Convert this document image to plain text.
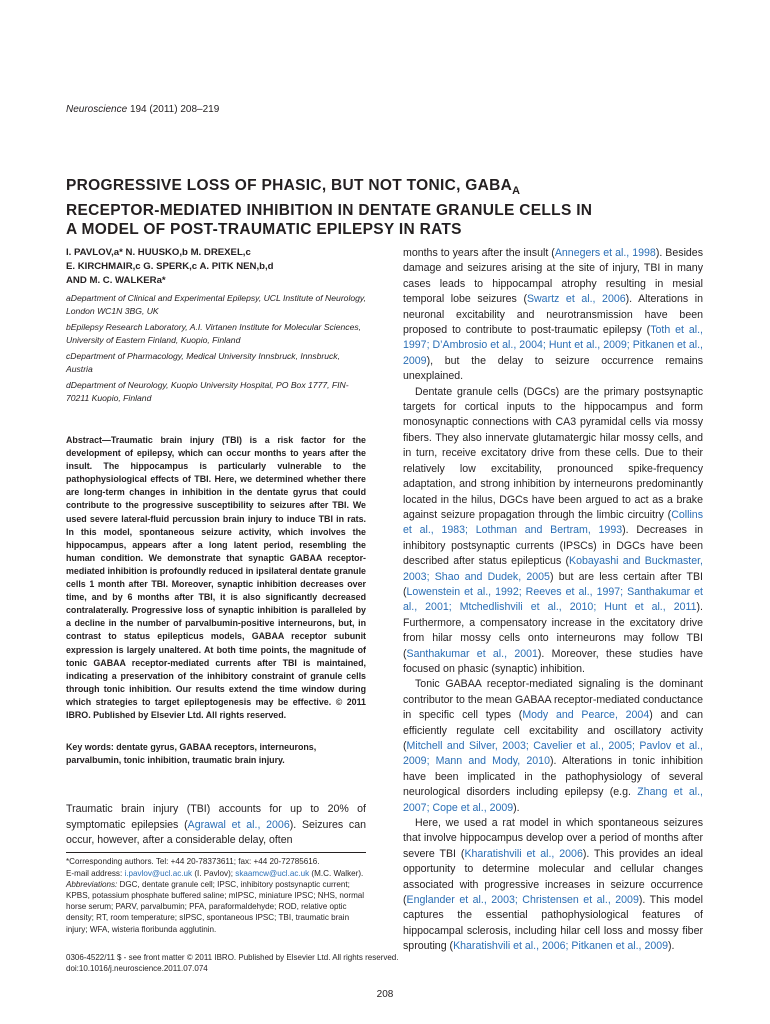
Neuroscience 194 (2011) 208–219
PROGRESSIVE LOSS OF PHASIC, BUT NOT TONIC, $GABA_A$
RECEPTOR-MEDIATED INHIBITION IN DENTATE GRANULE CELLS IN
A MODEL OF POST-TRAUMATIC EPILEPSY IN RATS
I. PAVLOV,a* N. HUUSKO,b M. DREXEL,c
E. KIRCHMAIR,c G. SPERK,c A. PITK NEN,b,d
AND M. C. WALKERa*

aDepartment of Clinical and Experimental Epilepsy, UCL Institute of Neurology, London WC1N 3BG, UK

bEpilepsy Research Laboratory, A.I. Virtanen Institute for Molecular Sciences, University of Eastern Finland, Kuopio, Finland

cDepartment of Pharmacology, Medical University Innsbruck, Innsbruck, Austria

dDepartment of Neurology, Kuopio University Hospital, PO Box 1777, FIN-70211 Kuopio, Finland

Abstract—Traumatic brain injury (TBI) is a risk factor for the development of epilepsy, which can occur months to years after the insult. The hippocampus is particularly vulnerable to the pathophysiological effects of TBI. Here, we determined whether there are long-term changes in inhibition in the dentate gyrus that could contribute to the progressive susceptibility to seizures after TBI. We used severe lateral-fluid percussion brain injury to induce TBI in rats. In this model, spontaneous seizure activity, which involves the hippocampus, appears after a long latent period, resembling the human condition. We demonstrate that synaptic GABAA receptor-mediated inhibition is profoundly reduced in ipsilateral dentate granule cells 1 month after TBI. Moreover, synaptic inhibition decreases over time, and by 6 months after TBI, it is also significantly decreased contralaterally. Progressive loss of synaptic inhibition is paralleled by a decline in the number of parvalbumin-positive interneurons, but, in contrast to status epilepticus models, GABAA receptor subunit expression is largely unaltered. At both time points, the magnitude of tonic GABAA receptor-mediated currents after TBI is maintained, indicating a preservation of the inhibitory constraint of granule cells through tonic inhibition. Our results extend the time window during which strategies to target epileptogenesis may be effective. © 2011 IBRO. Published by Elsevier Ltd. All rights reserved.
Key words: dentate gyrus, GABAA receptors, interneurons, parvalbumin, tonic inhibition, traumatic brain injury.
Traumatic brain injury (TBI) accounts for up to 20% of symptomatic epilepsies (Agrawal et al., 2006). Seizures can occur, however, after a considerable delay, often

*Corresponding authors. Tel: +44 20-78373611; fax: +44 20-72785616.

E-mail address: i.pavlov@ucl.ac.uk (I. Pavlov); skaamcw@ucl.ac.uk (M.C. Walker).

Abbreviations: DGC, dentate granule cell; IPSC, inhibitory postsynaptic current; KPBS, potassium phosphate buffered saline; mIPSC, miniature IPSC; NHS, normal horse serum; PARV, parvalbumin; PFA, paraformaldehyde; ROD, relative optic density; RT, room temperature; sIPSC, spontaneous IPSC; TBI, traumatic brain injury; WFA, wisteria floribunda agglutinin.

months to years after the insult (Annegers et al., 1998). Besides damage and seizures arising at the site of injury, TBI in many cases leads to hippocampal atrophy resulting in mesial temporal lobe seizures (Swartz et al., 2006). Alterations in neuronal excitability and neurotransmission have been proposed to contribute to post-traumatic epilepsy (Toth et al., 1997; D’Ambrosio et al., 2004; Hunt et al., 2009; Pitkanen et al., 2009), but the delay to seizure occurrence remains unexplained.

Dentate granule cells (DGCs) are the primary postsynaptic targets for cortical inputs to the hippocampus and form monosynaptic connections with CA3 pyramidal cells via mossy fibers. They also innervate glutamatergic hilar mossy cells, and in turn, receive excitatory drive from these cells. Due to their relatively low excitability, pronounced spike-frequency adaptation, and strong inhibition by interneurons predominantly located in the hilus, DGCs have been argued to act as a brake against seizure propagation through the limbic circuitry (Collins et al., 1983; Lothman and Bertram, 1993). Decreases in inhibitory postsynaptic currents (IPSCs) in DGCs have been described after status epilepticus (Kobayashi and Buckmaster, 2003; Shao and Dudek, 2005) but are less certain after TBI (Lowenstein et al., 1992; Reeves et al., 1997; Santhakumar et al., 2001; Mtchedlishvili et al., 2010; Hunt et al., 2011). Furthermore, a compensatory increase in the excitatory drive from hilar mossy cells onto interneurons may follow TBI (Santhakumar et al., 2001). Moreover, these studies have focused on phasic (synaptic) inhibition.

Tonic GABAA receptor-mediated signaling is the dominant contributor to the mean GABAA receptor-mediated conductance in specific cell types (Mody and Pearce, 2004) and can efficiently regulate cell excitability and oscillatory activity (Mitchell and Silver, 2003; Cavelier et al., 2005; Pavlov et al., 2009; Mann and Mody, 2010). Alterations in tonic inhibition have been implicated in the pathophysiology of several neurological disorders including epilepsy (e.g. Zhang et al., 2007; Cope et al., 2009).

Here, we used a rat model in which spontaneous seizures that involve hippocampus develop over a period of months after severe TBI (Kharatishvili et al., 2006). This provides an ideal opportunity to determine molecular and cellular changes associated with progressive increases in seizure occurrence (Englander et al., 2003; Christensen et al., 2009). This model captures the essential pathophysiological features of hippocampal sclerosis, including hilar cell loss and mossy fiber sprouting (Kharatishvili et al., 2006; Pitkanen et al., 2009).

0306-4522/11 $ - see front matter © 2011 IBRO. Published by Elsevier Ltd. All rights reserved.
doi:10.1016/j.neuroscience.2011.07.074
208
